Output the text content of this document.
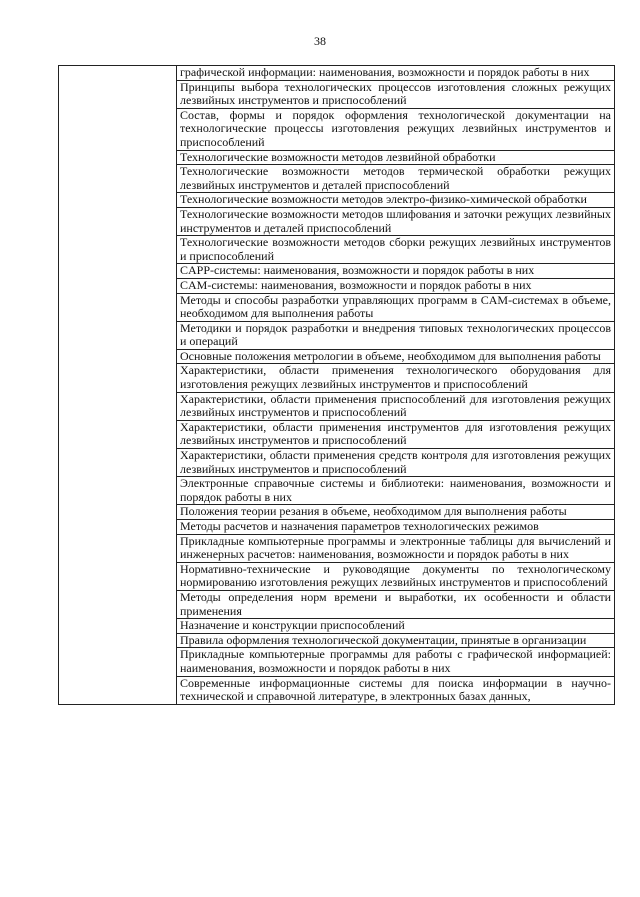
38

графической информации: наименования, возможности и порядок работы в них

Принципы выбора технологических процессов изготовления сложных режущих лезвийных инструментов и приспособлений

Состав, формы и порядок оформления технологической документации на технологические процессы изготовления режущих лезвийных инструментов и приспособлений

Технологические возможности методов лезвийной обработки

Технологические возможности методов термической обработки режущих лезвийных инструментов и деталей приспособлений

Технологические возможности методов электро-физико-химической обработки

Технологические возможности методов шлифования и заточки режущих лезвийных инструментов и деталей приспособлений

Технологические возможности методов сборки режущих лезвийных инструментов и приспособлений

CAPP-системы: наименования, возможности и порядок работы в них

CAM-системы: наименования, возможности и порядок работы в них

Методы и способы разработки управляющих программ в CAM-системах в объеме, необходимом для выполнения работы

Методики и порядок разработки и внедрения типовых технологических процессов и операций

Основные положения метрологии в объеме, необходимом для выполнения работы

Характеристики, области применения технологического оборудования для изготовления режущих лезвийных инструментов и приспособлений

Характеристики, области применения приспособлений для изготовления режущих лезвийных инструментов и приспособлений

Характеристики, области применения инструментов для изготовления режущих лезвийных инструментов и приспособлений

Характеристики, области применения средств контроля для изготовления режущих лезвийных инструментов и приспособлений

Электронные справочные системы и библиотеки: наименования, возможности и порядок работы в них

Положения теории резания в объеме, необходимом для выполнения работы

Методы расчетов и назначения параметров технологических режимов

Прикладные компьютерные программы и электронные таблицы для вычислений и инженерных расчетов: наименования, возможности и порядок работы в них

Нормативно-технические и руководящие документы по технологическому нормированию изготовления режущих лезвийных инструментов и приспособлений

Методы определения норм времени и выработки, их особенности и области применения

Назначение и конструкции приспособлений

Правила оформления технологической документации, принятые в организации

Прикладные компьютерные программы для работы с графической информацией: наименования, возможности и порядок работы в них

Современные информационные системы для поиска информации в научно-технической и справочной литературе, в электронных базах данных,
